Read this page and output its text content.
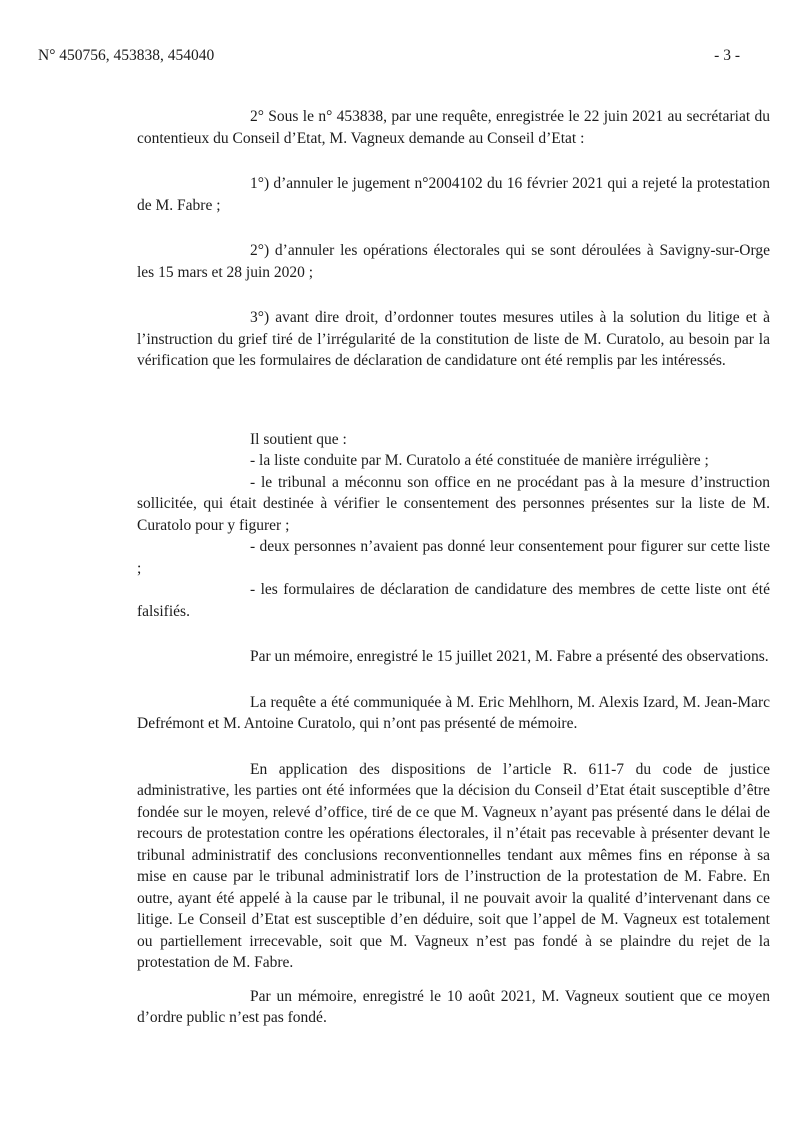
N° 450756, 453838, 454040	- 3 -

2° Sous le n° 453838, par une requête, enregistrée le 22 juin 2021 au secrétariat du contentieux du Conseil d’Etat, M. Vagneux demande au Conseil d’Etat :

1°) d’annuler le jugement n°2004102 du 16 février 2021 qui a rejeté la protestation de M. Fabre ;

2°) d’annuler les opérations électorales qui se sont déroulées à Savigny-sur-Orge les 15 mars et 28 juin 2020 ;

3°) avant dire droit, d’ordonner toutes mesures utiles à la solution du litige et à l’instruction du grief tiré de l’irrégularité de la constitution de liste de M. Curatolo, au besoin par la vérification que les formulaires de déclaration de candidature ont été remplis par les intéressés.

Il soutient que :

- la liste conduite par M. Curatolo a été constituée de manière irrégulière ;

- le tribunal a méconnu son office en ne procédant pas à la mesure d’instruction sollicitée, qui était destinée à vérifier le consentement des personnes présentes sur la liste de M. Curatolo pour y figurer ;

- deux personnes n’avaient pas donné leur consentement pour figurer sur cette liste ;

- les formulaires de déclaration de candidature des membres de cette liste ont été falsifiés.

Par un mémoire, enregistré le 15 juillet 2021, M. Fabre a présenté des observations.

La requête a été communiquée à M. Eric Mehlhorn, M. Alexis Izard, M. Jean-Marc Defrémont et M. Antoine Curatolo, qui n’ont pas présenté de mémoire.

En application des dispositions de l’article R. 611-7 du code de justice administrative, les parties ont été informées que la décision du Conseil d’Etat était susceptible d’être fondée sur le moyen, relevé d’office, tiré de ce que M. Vagneux n’ayant pas présenté dans le délai de recours de protestation contre les opérations électorales, il n’était pas recevable à présenter devant le tribunal administratif des conclusions reconventionnelles tendant aux mêmes fins en réponse à sa mise en cause par le tribunal administratif lors de l’instruction de la protestation de M. Fabre. En outre, ayant été appelé à la cause par le tribunal, il ne pouvait avoir la qualité d’intervenant dans ce litige. Le Conseil d’Etat est susceptible d’en déduire, soit que l’appel de M. Vagneux est totalement ou partiellement irrecevable, soit que M. Vagneux n’est pas fondé à se plaindre du rejet de la protestation de M. Fabre.

Par un mémoire, enregistré le 10 août 2021, M. Vagneux soutient que ce moyen d’ordre public n’est pas fondé.
